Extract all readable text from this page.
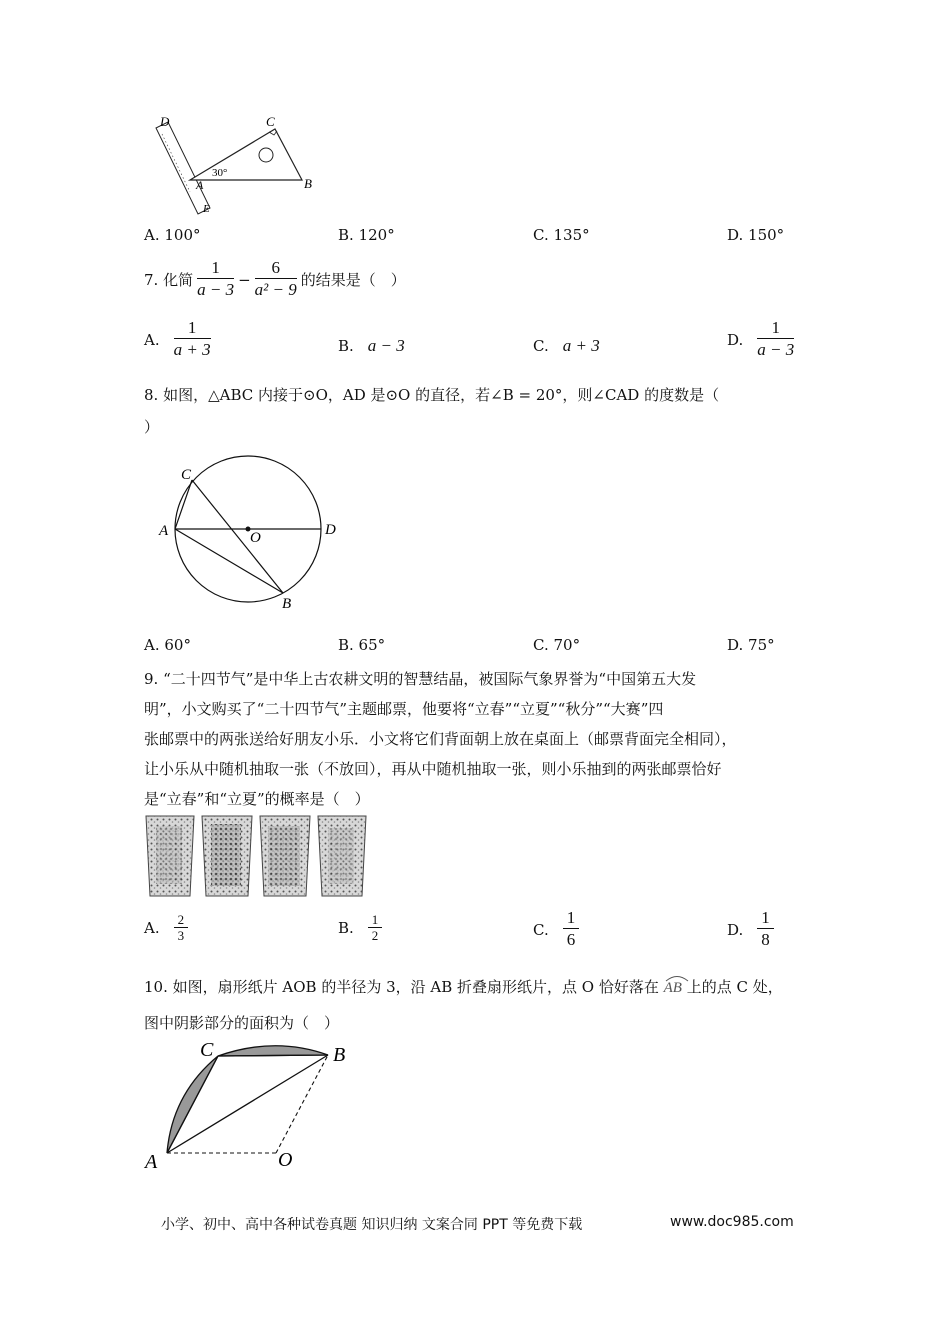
D	C
A	B
E
30°
A. 100°	B. 120°	C. 135°	D. 150°
7. 化简 $\frac{1}{a - 3} - \frac{6}{\text{a² − 9}}$ 的结果是（　）
A. $\frac{1}{a + 3}$	B. a − 3	C. a + 3	D. $\frac{1}{a - 3}$
8. 如图，△ABC 内接于⊙O，AD 是⊙O 的直径，若∠B = 20°，则∠CAD 的度数是（
）
C
A	O	D
B
A. 60°	B. 65°	C. 70°	D. 75°
9. “二十四节气”是中华上古农耕文明的智慧结晶，被国际气象界誉为“中国第五大发
明”，小文购买了“二十四节气”主题邮票，他要将“立春”“立夏”“秋分”“大赛”四
张邮票中的两张送给好朋友小乐．小文将它们背面朝上放在桌面上（邮票背面完全相同），
让小乐从中随机抽取一张（不放回），再从中随机抽取一张，则小乐抽到的两张邮票恰好
是“立春”和“立夏”的概率是（　）
A. $\frac{2}{3}$	B. $\frac{1}{2}$	C. $\frac{1}{6}$	D. $\frac{1}{8}$
10. 如图，扇形纸片 AOB 的半径为 3，沿 AB 折叠扇形纸片，点 O 恰好落在 AB 上的点 C 处，
图中阴影部分的面积为（　）
C	B
A	O
小学、初中、高中各种试卷真题 知识归纳 文案合同 PPT 等免费下载	www.doc985.com
